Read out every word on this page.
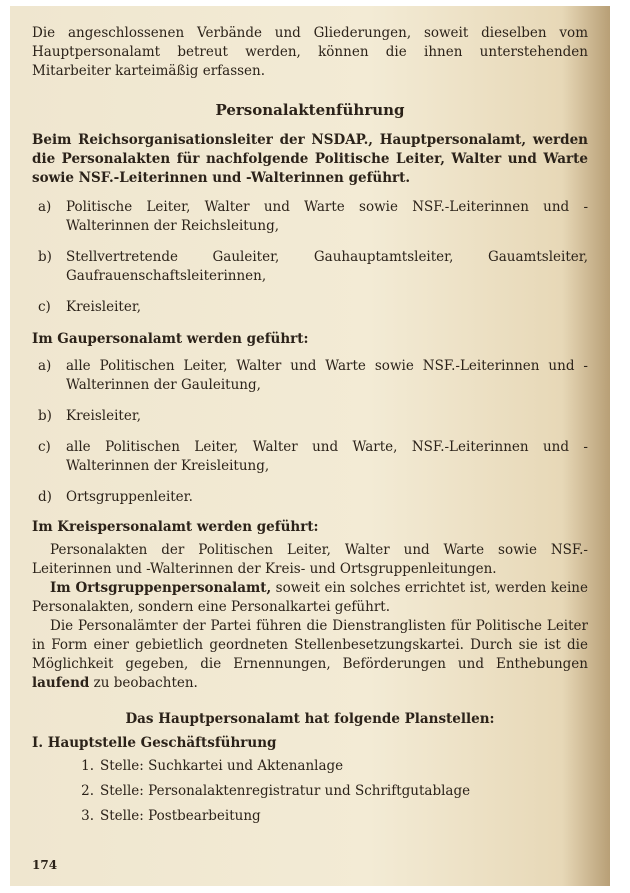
Die angeschlossenen Verbände und Gliederungen, soweit dieselben vom Hauptpersonalamt betreut werden, können die ihnen unterstehenden Mitarbeiter karteimäßig erfassen.

Personalaktenführung

Beim Reichsorganisationsleiter der NSDAP., Hauptpersonalamt, werden die Personalakten für nachfolgende Politische Leiter, Walter und Warte sowie NSF.-Leiterinnen und -Walterinnen geführt.

a)	Politische Leiter, Walter und Warte sowie NSF.-Leiterinnen und -Walterinnen der Reichsleitung,
b)	Stellvertretende Gauleiter, Gauhauptamtsleiter, Gauamtsleiter, Gaufrauenschaftsleiterinnen,
c)	Kreisleiter,
Im Gaupersonalamt werden geführt:
a)	alle Politischen Leiter, Walter und Warte sowie NSF.-Leiterinnen und -Walterinnen der Gauleitung,
b)	Kreisleiter,
c)	alle Politischen Leiter, Walter und Warte, NSF.-Leiterinnen und -Walterinnen der Kreisleitung,
d)	Ortsgruppenleiter.
Im Kreispersonalamt werden geführt:

Personalakten der Politischen Leiter, Walter und Warte sowie NSF.-Leiterinnen und -Walterinnen der Kreis- und Ortsgruppenleitungen.

Im Ortsgruppenpersonalamt, soweit ein solches errichtet ist, werden keine Personalakten, sondern eine Personalkartei geführt.

Die Personalämter der Partei führen die Dienstranglisten für Politische Leiter in Form einer gebietlich geordneten Stellenbesetzungskartei. Durch sie ist die Möglichkeit gegeben, die Ernennungen, Beförderungen und Enthebungen laufend zu beobachten.

Das Hauptpersonalamt hat folgende Planstellen:
I. Hauptstelle Geschäftsführung
1. Stelle: Suchkartei und Aktenanlage
2. Stelle: Personalaktenregistratur und Schriftgutablage
3. Stelle: Postbearbeitung
174
